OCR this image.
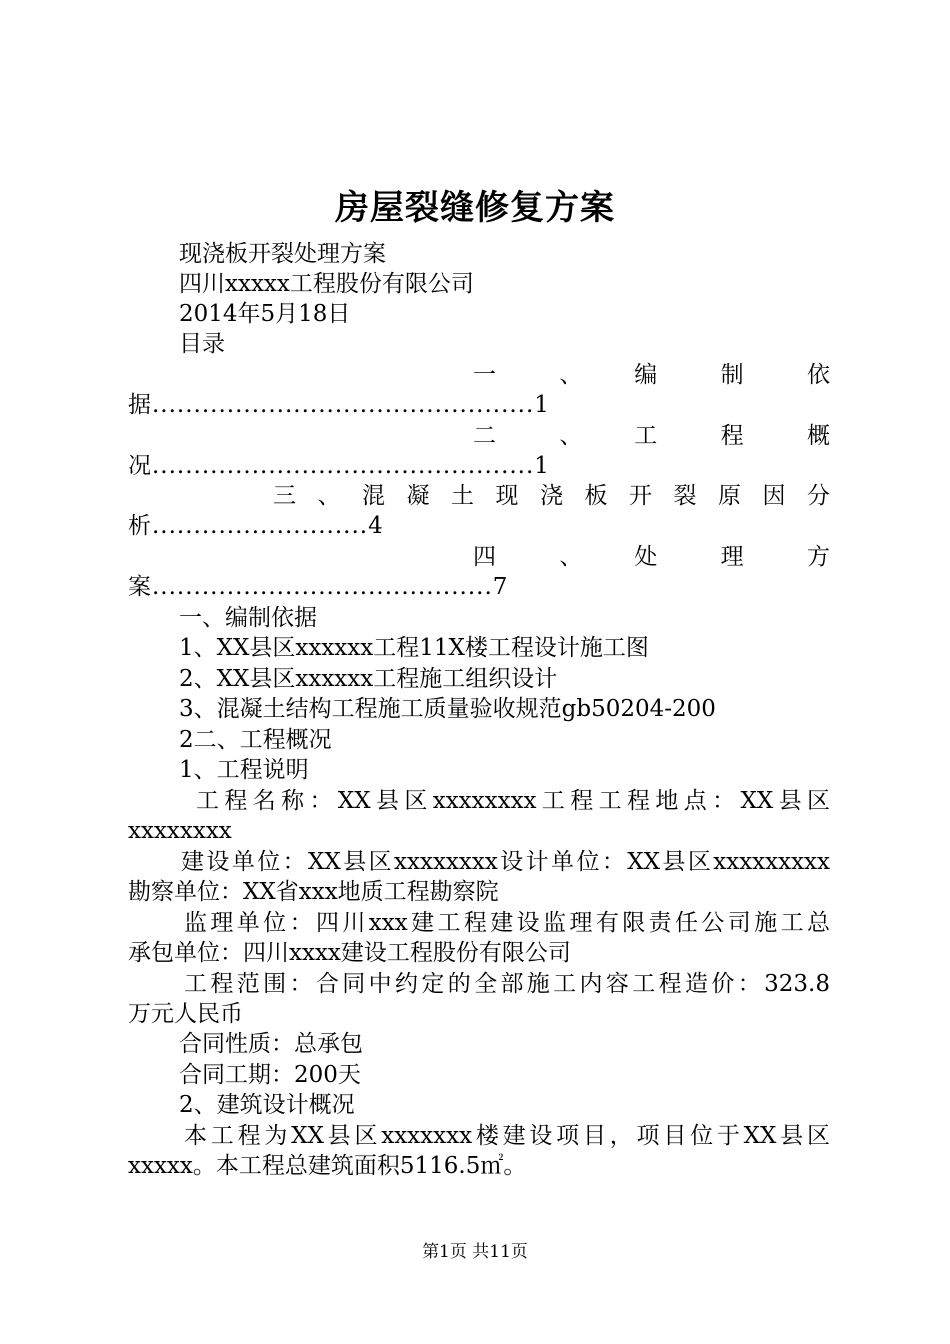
房屋裂缝修复方案
现浇板开裂处理方案
四川xxxxx工程股份有限公司
2014年5月18日
目录
一　、　编　制　依
据..............................................1
二　、　工　程　概
况..............................................1
三 、 混 凝 土 现 浇 板 开 裂 原 因 分
析..........................4
四　、　处　理　方
案.........................................7
一、编制依据
1、XX县区xxxxxx工程11X楼工程设计施工图
2、XX县区xxxxxx工程施工组织设计
3、混凝土结构工程施工质量验收规范gb50204-200
2二、工程概况
1、工程说明
工程名称：XX县区xxxxxxxx工程工程地点：XX县区
xxxxxxxx
建设单位：XX县区xxxxxxxx设计单位：XX县区xxxxxxxxx
勘察单位：XX省xxx地质工程勘察院
监理单位：四川xxx建工程建设监理有限责任公司施工总
承包单位：四川xxxx建设工程股份有限公司
工程范围：合同中约定的全部施工内容工程造价：323.8
万元人民币
合同性质：总承包
合同工期：200天
2、建筑设计概况
本工程为XX县区xxxxxxx楼建设项目，项目位于XX县区
xxxxx。本工程总建筑面积5116.5㎡。
第1页 共11页
